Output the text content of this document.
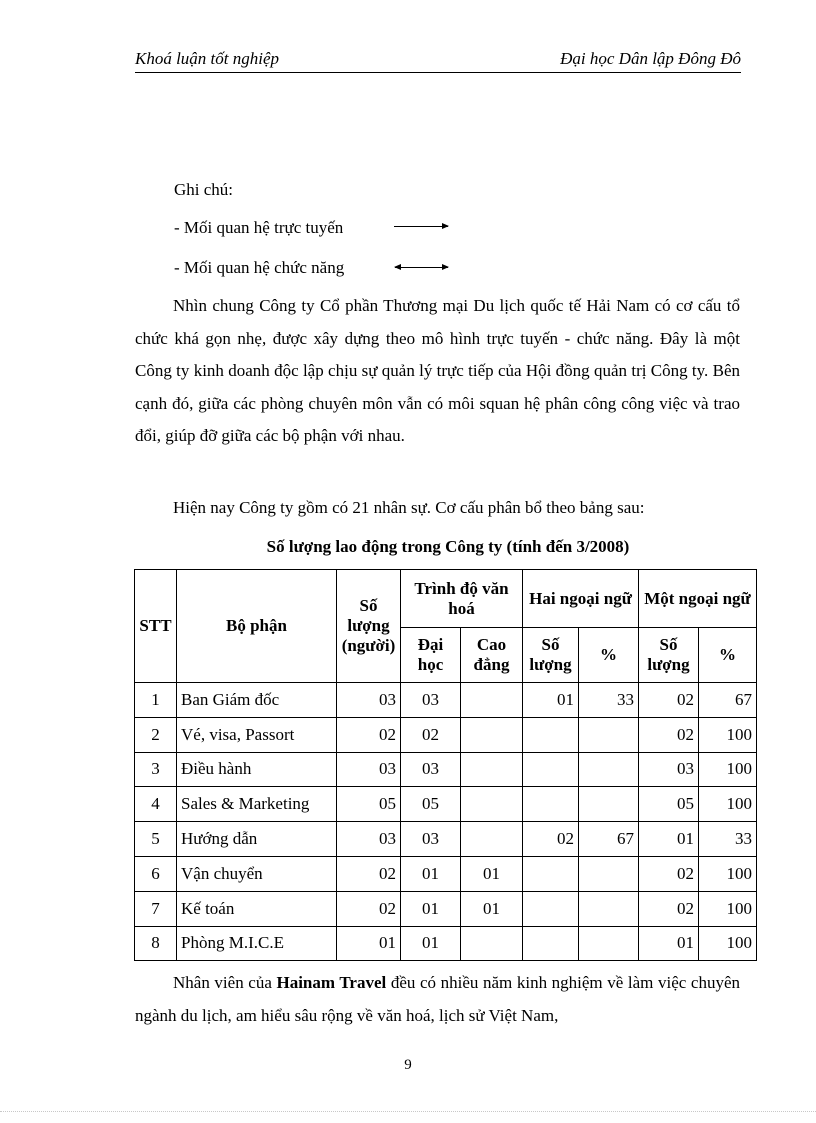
Khoá luận tốt nghiệp	Đại học Dân lập Đông Đô
Ghi chú:
- Mối quan hệ trực tuyến
- Mối quan hệ chức năng

Nhìn chung Công ty Cổ phần Thương mại Du lịch quốc tế Hải Nam có cơ cấu tổ chức khá gọn nhẹ, được xây dựng theo mô hình trực tuyến - chức năng. Đây là một Công ty kinh doanh độc lập chịu sự quản lý trực tiếp của Hội đồng quản trị Công ty. Bên cạnh đó, giữa các phòng chuyên môn vẫn có môi squan hệ phân công công việc và trao đổi, giúp đỡ giữa các bộ phận với nhau.

Hiện nay Công ty gồm có 21 nhân sự. Cơ cấu phân bổ theo bảng sau:

Số lượng lao động trong Công ty (tính đến 3/2008)
STT	Bộ phận	Số lượng (người)	Trình độ văn hoá		Hai ngoại ngữ		Một ngoại ngữ	
			Đại học	Cao đẳng	Số lượng	%	Số lượng	%
1	Ban Giám đốc	03	03		01	33	02	67
2	Vé, visa, Passort	02	02				02	100
3	Điều hành	03	03				03	100
4	Sales & Marketing	05	05				05	100
5	Hướng dẫn	03	03		02	67	01	33
6	Vận chuyển	02	01	01			02	100
7	Kế toán	02	01	01			02	100
8	Phòng M.I.C.E	01	01				01	100

Nhân viên của Hainam Travel đều có nhiều năm kinh nghiệm về làm việc chuyên ngành du lịch, am hiểu sâu rộng về văn hoá, lịch sử Việt Nam,

9
